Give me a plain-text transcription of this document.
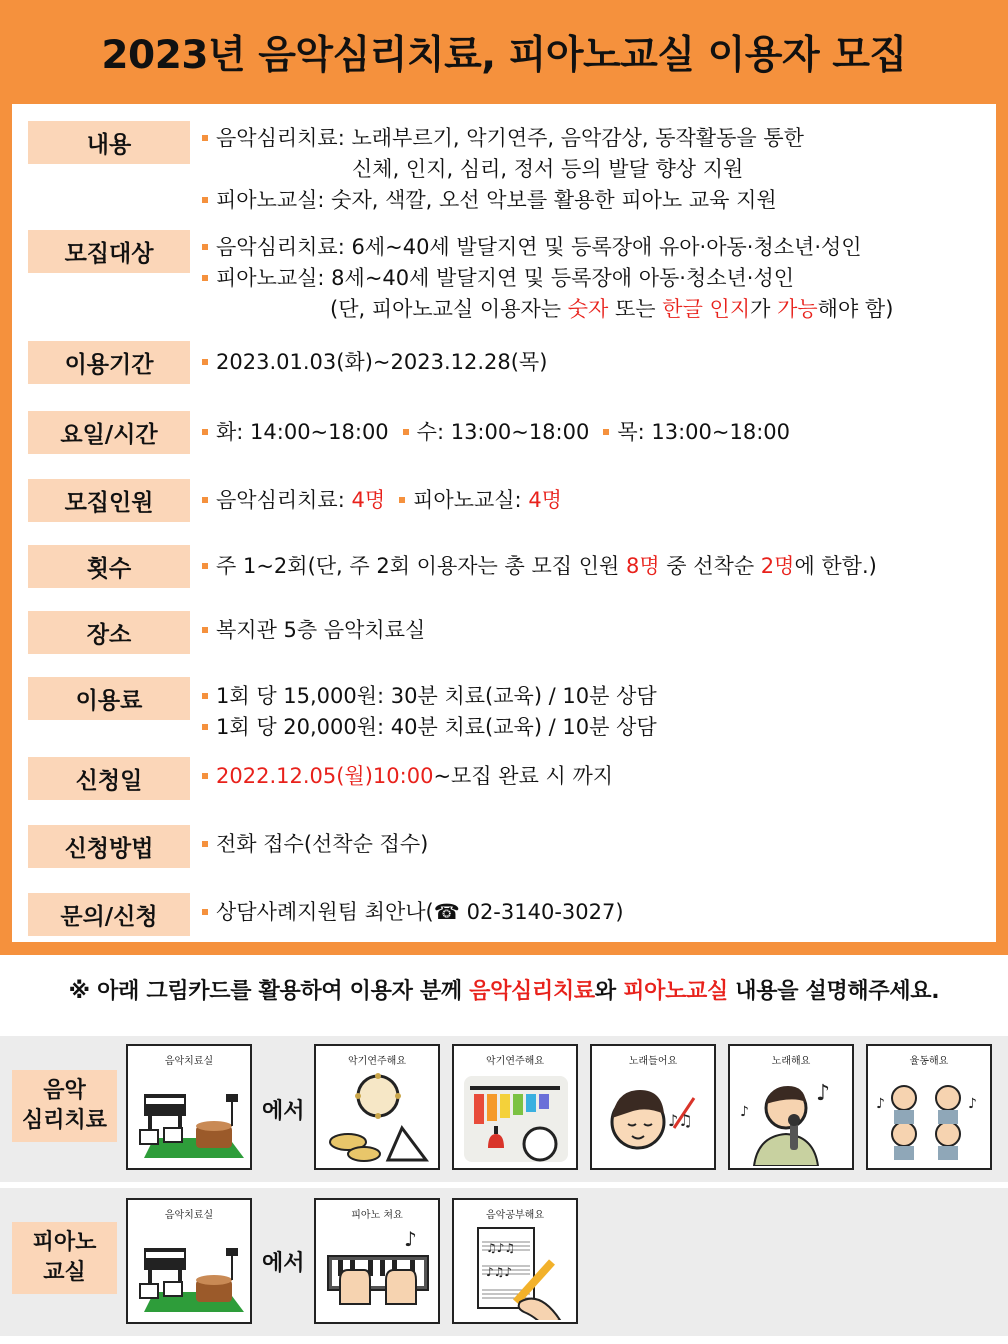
2023년 음악심리치료, 피아노교실 이용자 모집
내용	음악심리치료: 노래부르기, 악기연주, 음악감상, 동작활동을 통한
신체, 인지, 심리, 정서 등의 발달 향상 지원
피아노교실: 숫자, 색깔, 오선 악보를 활용한 피아노 교육 지원
모집대상	음악심리치료: 6세~40세 발달지연 및 등록장애 유아·아동·청소년·성인
피아노교실: 8세~40세 발달지연 및 등록장애 아동·청소년·성인
(단, 피아노교실 이용자는 숫자 또는 한글 인지가 가능해야 함)
이용기간	2023.01.03(화)~2023.12.28(목)
요일/시간	화: 14:00~18:00 수: 13:00~18:00 목: 13:00~18:00
모집인원	음악심리치료: 4명 피아노교실: 4명
횟수	주 1~2회(단, 주 2회 이용자는 총 모집 인원 8명 중 선착순 2명에 한함.)
장소	복지관 5층 음악치료실
이용료	1회 당 15,000원: 30분 치료(교육) / 10분 상담
1회 당 20,000원: 40분 치료(교육) / 10분 상담
신청일	2022.12.05(월)10:00~모집 완료 시 까지
신청방법	전화 접수(선착순 접수)
문의/신청	상담사례지원팀 최안나(☎ 02-3140-3027)
※ 아래 그림카드를 활용하여 이용자 분께 음악심리치료와 피아노교실 내용을 설명해주세요.
음악
심리치료
음악치료실
에서
악기연주해요	악기연주해요	노래들어요
♪♫
노래해요
♪
♪
율동해요
♪	♪
피아노
교실
음악치료실
에서
피아노 쳐요
♪
음악공부해요
♫♪♫
♪♫♪
